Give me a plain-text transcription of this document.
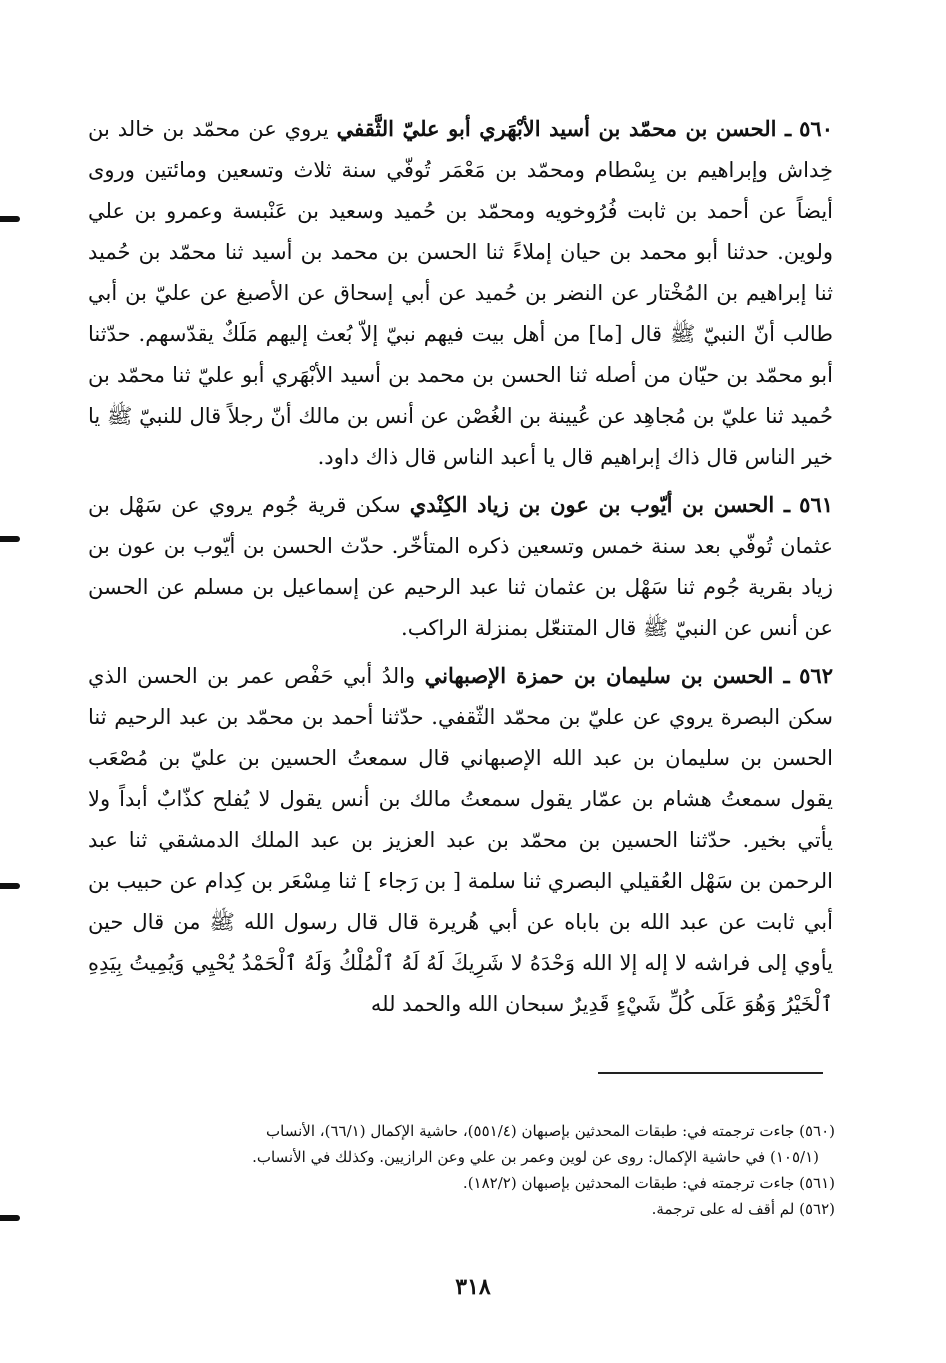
٥٦٠ ـ الحسن بن محمّد بن أسيد الأبْهَري أبو عليّ الثَّقفي يروي عن محمّد بن خالد بن خِداش وإبراهيم بن بِسْطام ومحمّد بن مَعْمَر تُوفّي سنة ثلاث وتسعين ومائتين وروى أيضاً عن أحمد بن ثابت فُرُوخويه ومحمّد بن حُميد وسعيد بن عَنْبسة وعمرو بن علي ولوين. حدثنا أبو محمد بن حيان إملاءً ثنا الحسن بن محمد بن أسيد ثنا محمّد بن حُميد ثنا إبراهيم بن المُخْتار عن النضر بن حُميد عن أبي إسحاق عن الأصبغ عن عليّ بن أبي طالب أنّ النبيّ ﷺ قال [ما] من أهل بيت فيهم نبيّ إلاّ بُعث إليهم مَلَكٌ يقدّسهم. حدّثنا أبو محمّد بن حيّان من أصله ثنا الحسن بن محمد بن أسيد الأبْهَري أبو عليّ ثنا محمّد بن حُميد ثنا عليّ بن مُجاهِد عن عُيينة بن الغُصْن عن أنس بن مالك أنّ رجلاً قال للنبيّ ﷺ يا خير الناس قال ذاك إبراهيم قال يا أعبد الناس قال ذاك داود.

٥٦١ ـ الحسن بن أيّوب بن عون بن زياد الكِنْدي سكن قرية جُوم يروي عن سَهْل بن عثمان تُوفّي بعد سنة خمس وتسعين ذكره المتأخّر. حدّث الحسن بن أيّوب بن عون بن زياد بقرية جُوم ثنا سَهْل بن عثمان ثنا عبد الرحيم عن إسماعيل بن مسلم عن الحسن عن أنس عن النبيّ ﷺ قال المتنعّل بمنزلة الراكب.

٥٦٢ ـ الحسن بن سليمان بن حمزة الإصبهاني والدُ أبي حَفْص عمر بن الحسن الذي سكن البصرة يروي عن عليّ بن محمّد الثّقفي. حدّثنا أحمد بن محمّد بن عبد الرحيم ثنا الحسن بن سليمان بن عبد الله الإصبهاني قال سمعتُ الحسين بن عليّ بن مُصْعَب يقول سمعتُ هشام بن عمّار يقول سمعتُ مالك بن أنس يقول لا يُفلح كذّابٌ أبداً ولا يأتي بخير. حدّثنا الحسين بن محمّد بن عبد العزيز بن عبد الملك الدمشقي ثنا عبد الرحمن بن سَهْل العُقيلي البصري ثنا سلمة [ بن رَجاء ] ثنا مِسْعَر بن كِدام عن حبيب بن أبي ثابت عن عبد الله بن باباه عن أبي هُريرة قال قال رسول الله ﷺ من قال حين يأوي إلى فراشه لا إله إلا الله وَحْدَهُ لا شَرِيكَ لَهُ لَهُ ٱلْمُلْكُ وَلَهُ ٱلْحَمْدُ يُحْيِي وَيُمِيتُ بِيَدِهِ ٱلْخَيْرُ وَهُوَ عَلَى كُلِّ شَيْءٍ قَدِيرٌ سبحان الله والحمد لله

(٥٦٠) جاءت ترجمته في: طبقات المحدثين بإصبهان (٥٥١/٤)، حاشية الإكمال (٦٦/١)، الأنساب

(١٠٥/١) في حاشية الإكمال: روى عن لوين وعمر بن علي وعن الرازيين. وكذلك في الأنساب.

(٥٦١) جاءت ترجمته في: طبقات المحدثين بإصبهان (١٨٢/٢).

(٥٦٢) لم أقف له على ترجمة.

٣١٨
